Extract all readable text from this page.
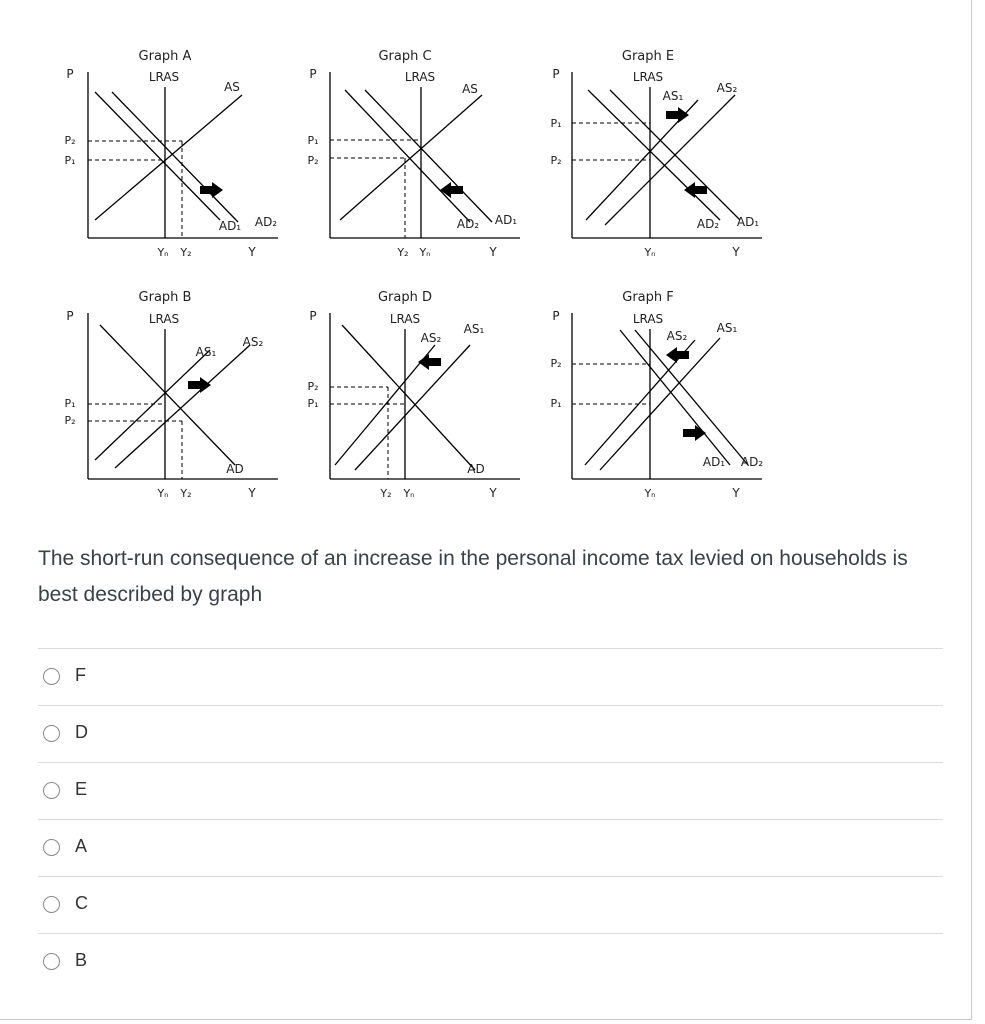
Graph A
LRAS
P
Y
P₂
P₁
Yₙ Y₂
AS
AD₁ AD₂
Graph C
LRAS
P
Y
P₁
P₂
Y₂ Yₙ
AS
AD₂ AD₁
Graph E
LRAS
P
Y
P₁
P₂
Yₙ
AS₁
AS₂
AD₂ AD₁
Graph B
LRAS
P
Y
P₁
P₂
Yₙ Y₂
AS₁
AS₂
AD
Graph D
LRAS
P
Y
P₂
P₁
Y₂ Yₙ
AS₂
AS₁
AD
Graph F
LRAS
P
Y
P₂
P₁
Yₙ
AS₂
AS₁
AD₁ AD₂
The short-run consequence of an increase in the personal income tax levied on households is best described by graph
F
D
E
A
C
B
